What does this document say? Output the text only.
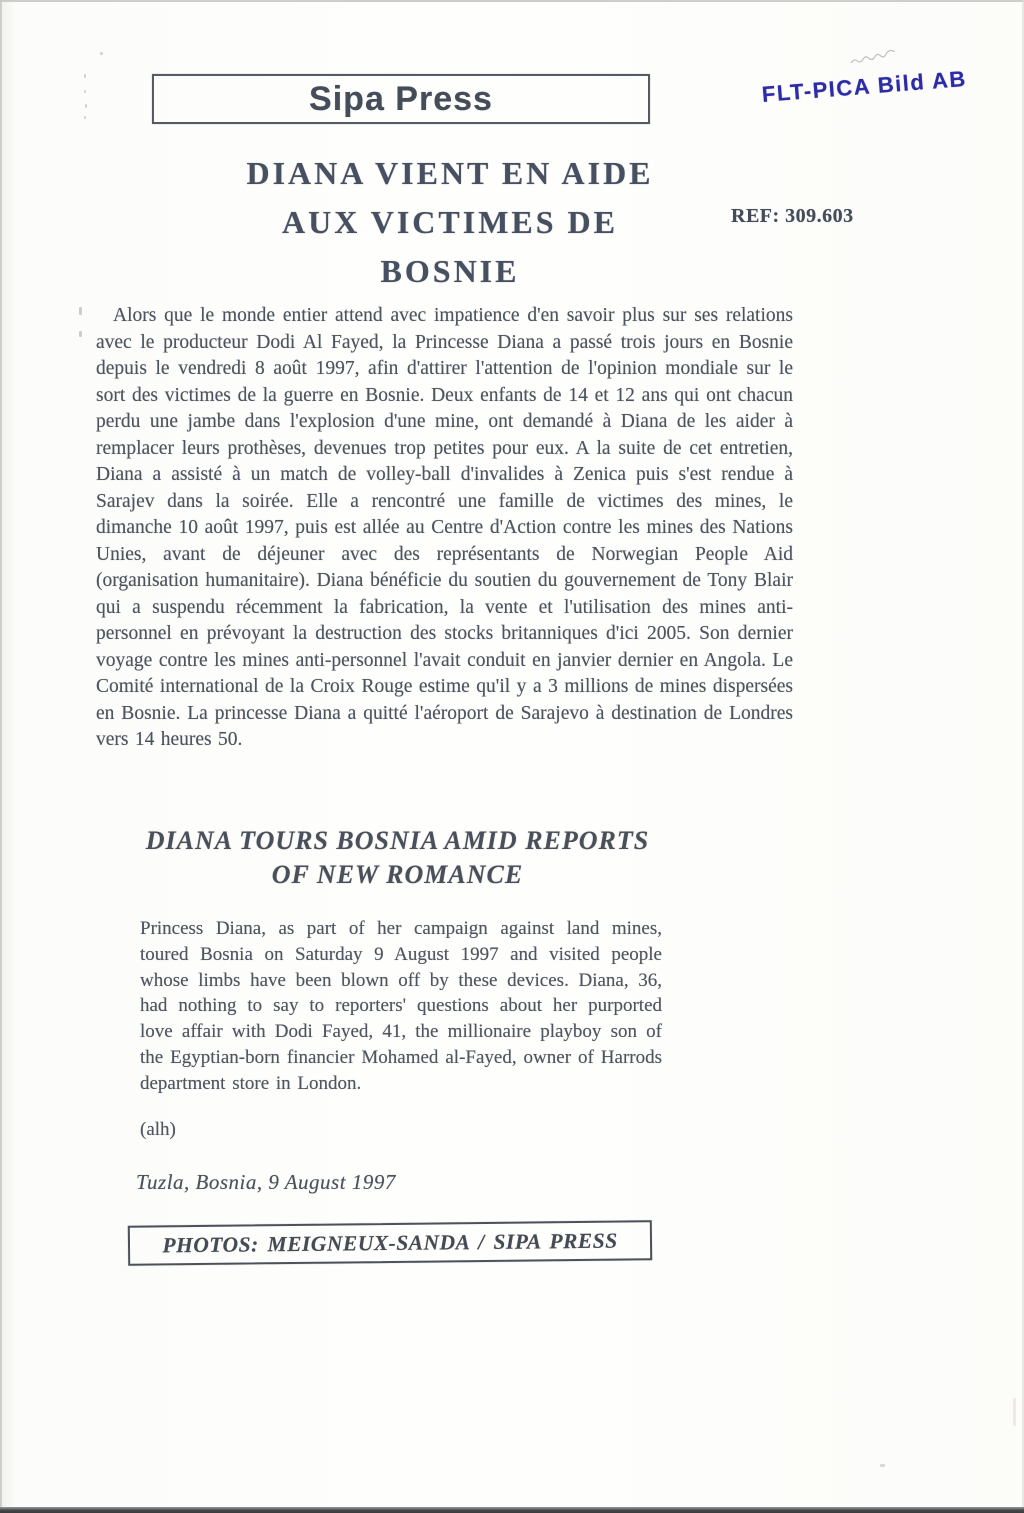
Sipa Press	FLT-PICA Bild AB
DIANA VIENT EN AIDE
AUX VICTIMES DE BOSNIE
REF: 309.603
Alors que le monde entier attend avec impatience d'en savoir plus sur ses relations avec le producteur Dodi Al Fayed, la Princesse Diana a passé trois jours en Bosnie depuis le vendredi 8 août 1997, afin d'attirer l'attention de l'opinion mondiale sur le sort des victimes de la guerre en Bosnie. Deux enfants de 14 et 12 ans qui ont chacun perdu une jambe dans l'explosion d'une mine, ont demandé à Diana de les aider à remplacer leurs prothèses, devenues trop petites pour eux. A la suite de cet entretien, Diana a assisté à un match de volley-ball d'invalides à Zenica puis s'est rendue à Sarajev dans la soirée. Elle a rencontré une famille de victimes des mines, le dimanche 10 août 1997, puis est allée au Centre d'Action contre les mines des Nations Unies, avant de déjeuner avec des représentants de Norwegian People Aid (organisation humanitaire). Diana bénéficie du soutien du gouvernement de Tony Blair qui a suspendu récemment la fabrication, la vente et l'utilisation des mines anti-personnel en prévoyant la destruction des stocks britanniques d'ici 2005. Son dernier voyage contre les mines anti-personnel l'avait conduit en janvier dernier en Angola. Le Comité international de la Croix Rouge estime qu'il y a 3 millions de mines dispersées en Bosnie. La princesse Diana a quitté l'aéroport de Sarajevo à destination de Londres vers 14 heures 50.
DIANA TOURS BOSNIA AMID REPORTS
OF NEW ROMANCE
Princess Diana, as part of her campaign against land mines, toured Bosnia on Saturday 9 August 1997 and visited people whose limbs have been blown off by these devices. Diana, 36, had nothing to say to reporters' questions about her purported love affair with Dodi Fayed, 41, the millionaire playboy son of the Egyptian-born financier Mohamed al-Fayed, owner of Harrods department store in London.
(alh)
Tuzla, Bosnia, 9 August 1997
PHOTOS: MEIGNEUX-SANDA / SIPA PRESS
